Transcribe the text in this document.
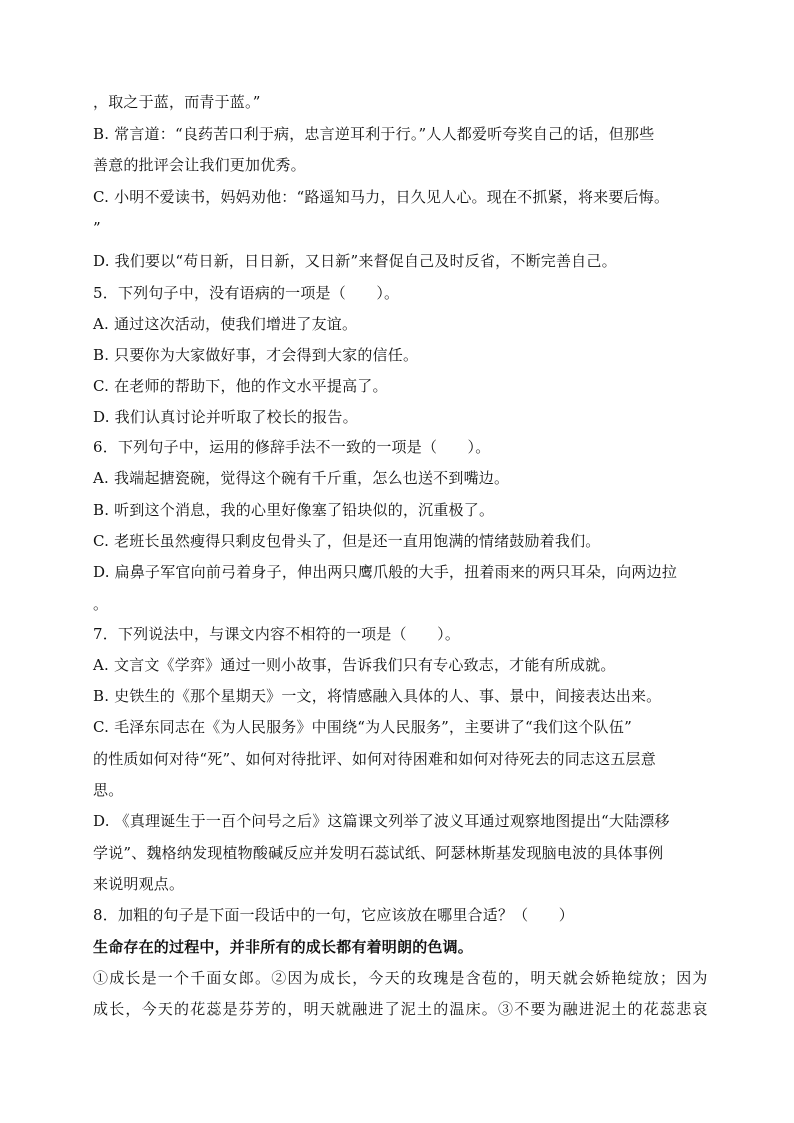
，取之于蓝，而青于蓝。”
B. 常言道：“良药苦口利于病，忠言逆耳利于行。”人人都爱听夸奖自己的话，但那些
善意的批评会让我们更加优秀。
C. 小明不爱读书，妈妈劝他：“路遥知马力，日久见人心。现在不抓紧，将来要后悔。
”
D. 我们要以“苟日新，日日新，又日新”来督促自己及时反省，不断完善自己。
5．下列句子中，没有语病的一项是（　　）。
A. 通过这次活动，使我们增进了友谊。
B. 只要你为大家做好事，才会得到大家的信任。
C. 在老师的帮助下，他的作文水平提高了。
D. 我们认真讨论并听取了校长的报告。
6．下列句子中，运用的修辞手法不一致的一项是（　　）。
A. 我端起搪瓷碗，觉得这个碗有千斤重，怎么也送不到嘴边。
B. 听到这个消息，我的心里好像塞了铅块似的，沉重极了。
C. 老班长虽然瘦得只剩皮包骨头了，但是还一直用饱满的情绪鼓励着我们。
D. 扁鼻子军官向前弓着身子，伸出两只鹰爪般的大手，扭着雨来的两只耳朵，向两边拉
。
7．下列说法中，与课文内容不相符的一项是（　　）。
A. 文言文《学弈》通过一则小故事，告诉我们只有专心致志，才能有所成就。
B. 史铁生的《那个星期天》一文，将情感融入具体的人、事、景中，间接表达出来。
C. 毛泽东同志在《为人民服务》中围绕“为人民服务”，主要讲了“我们这个队伍”
的性质如何对待“死”、如何对待批评、如何对待困难和如何对待死去的同志这五层意
思。
D. 《真理诞生于一百个问号之后》这篇课文列举了波义耳通过观察地图提出“大陆漂移
学说”、魏格纳发现植物酸碱反应并发明石蕊试纸、阿瑟林斯基发现脑电波的具体事例
来说明观点。
8．加粗的句子是下面一段话中的一句，它应该放在哪里合适？（　　）
生命存在的过程中，并非所有的成长都有着明朗的色调。
①成长是一个千面女郎。②因为成长，今天的玫瑰是含苞的，明天就会娇艳绽放；因为
成长，今天的花蕊是芬芳的，明天就融进了泥土的温床。③不要为融进泥土的花蕊悲哀
